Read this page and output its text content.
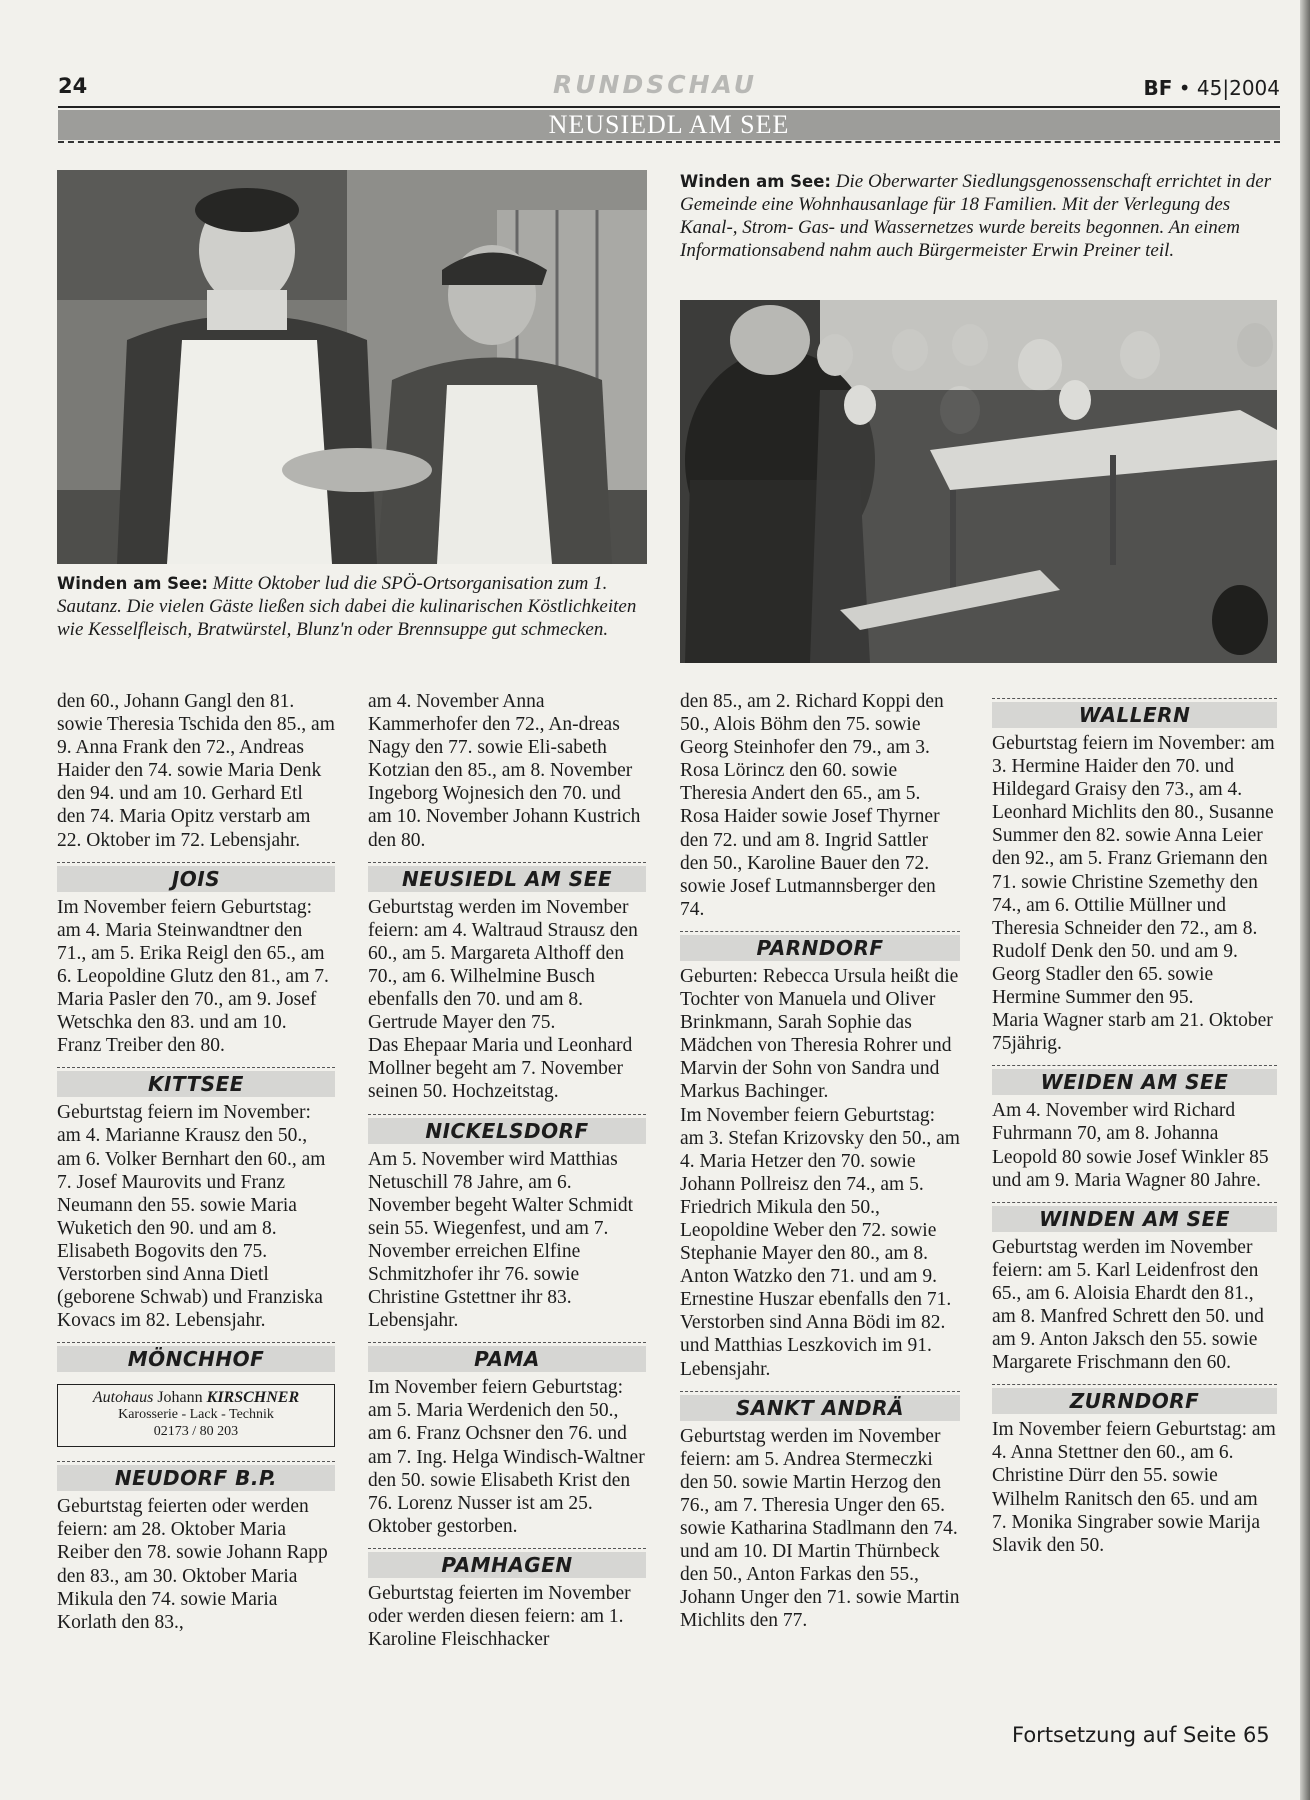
24	RUNDSCHAU	BF • 45|2004
NEUSIEDL AM SEE
Winden am See: Die Oberwarter Siedlungsgenossenschaft errichtet in der Gemeinde eine Wohnhausanlage für 18 Familien. Mit der Verlegung des Kanal-, Strom- Gas- und Wassernetzes wurde bereits begonnen. An einem Informationsabend nahm auch Bürgermeister Erwin Preiner teil.
Winden am See: Mitte Oktober lud die SPÖ-Ortsorganisation zum 1. Sautanz. Die vielen Gäste ließen sich dabei die kulinarischen Köstlichkeiten wie Kesselfleisch, Bratwürstel, Blunz'n oder Brennsuppe gut schmecken.

den 60., Johann Gangl den 81. sowie Theresia Tschida den 85., am 9. Anna Frank den 72., Andreas Haider den 74. sowie Maria Denk den 94. und am 10. Gerhard Etl den 74. Maria Opitz verstarb am 22. Oktober im 72. Lebensjahr.

JOIS

Im November feiern Geburtstag: am 4. Maria Steinwandtner den 71., am 5. Erika Reigl den 65., am 6. Leopoldine Glutz den 81., am 7. Maria Pasler den 70., am 9. Josef Wetschka den 83. und am 10. Franz Treiber den 80.

KITTSEE

Geburtstag feiern im November: am 4. Marianne Krausz den 50., am 6. Volker Bernhart den 60., am 7. Josef Maurovits und Franz Neumann den 55. sowie Maria Wuketich den 90. und am 8. Elisabeth Bogovits den 75.

Verstorben sind Anna Dietl (geborene Schwab) und Franziska Kovacs im 82. Lebensjahr.

MÖNCHHOF
Autohaus Johann KIRSCHNER
Karosserie - Lack - Technik
02173 / 80 203
NEUDORF B.P.

Geburtstag feierten oder werden feiern: am 28. Oktober Maria Reiber den 78. sowie Johann Rapp den 83., am 30. Oktober Maria Mikula den 74. sowie Maria Korlath den 83.,

am 4. November Anna Kammerhofer den 72., An-dreas Nagy den 77. sowie Eli-sabeth Kotzian den 85., am 8. November Ingeborg Wojnesich den 70. und am 10. November Johann Kustrich den 80.

NEUSIEDL AM SEE

Geburtstag werden im November feiern: am 4. Waltraud Strausz den 60., am 5. Margareta Althoff den 70., am 6. Wilhelmine Busch ebenfalls den 70. und am 8. Gertrude Mayer den 75.

Das Ehepaar Maria und Leonhard Mollner begeht am 7. November seinen 50. Hochzeitstag.

NICKELSDORF

Am 5. November wird Matthias Netuschill 78 Jahre, am 6. November begeht Walter Schmidt sein 55. Wiegenfest, und am 7. November erreichen Elfine Schmitzhofer ihr 76. sowie Christine Gstettner ihr 83. Lebensjahr.

PAMA

Im November feiern Geburtstag: am 5. Maria Werdenich den 50., am 6. Franz Ochsner den 76. und am 7. Ing. Helga Windisch-Waltner den 50. sowie Elisabeth Krist den 76. Lorenz Nusser ist am 25. Oktober gestorben.

PAMHAGEN

Geburtstag feierten im November oder werden diesen feiern: am 1. Karoline Fleischhacker

den 85., am 2. Richard Koppi den 50., Alois Böhm den 75. sowie Georg Steinhofer den 79., am 3. Rosa Lörincz den 60. sowie Theresia Andert den 65., am 5. Rosa Haider sowie Josef Thyrner den 72. und am 8. Ingrid Sattler den 50., Karoline Bauer den 72. sowie Josef Lutmannsberger den 74.

PARNDORF

Geburten: Rebecca Ursula heißt die Tochter von Manuela und Oliver Brinkmann, Sarah Sophie das Mädchen von Theresia Rohrer und Marvin der Sohn von Sandra und Markus Bachinger.

Im November feiern Geburtstag: am 3. Stefan Krizovsky den 50., am 4. Maria Hetzer den 70. sowie Johann Pollreisz den 74., am 5. Friedrich Mikula den 50., Leopoldine Weber den 72. sowie Stephanie Mayer den 80., am 8. Anton Watzko den 71. und am 9. Ernestine Huszar ebenfalls den 71.

Verstorben sind Anna Bödi im 82. und Matthias Leszkovich im 91. Lebensjahr.

SANKT ANDRÄ

Geburtstag werden im November feiern: am 5. Andrea Stermeczki den 50. sowie Martin Herzog den 76., am 7. Theresia Unger den 65. sowie Katharina Stadlmann den 74. und am 10. DI Martin Thürnbeck den 50., Anton Farkas den 55., Johann Unger den 71. sowie Martin Michlits den 77.

WALLERN

Geburtstag feiern im November: am 3. Hermine Haider den 70. und Hildegard Graisy den 73., am 4. Leonhard Michlits den 80., Susanne Summer den 82. sowie Anna Leier den 92., am 5. Franz Griemann den 71. sowie Christine Szemethy den 74., am 6. Ottilie Müllner und Theresia Schneider den 72., am 8. Rudolf Denk den 50. und am 9. Georg Stadler den 65. sowie Hermine Summer den 95.

Maria Wagner starb am 21. Oktober 75jährig.

WEIDEN AM SEE

Am 4. November wird Richard Fuhrmann 70, am 8. Johanna Leopold 80 sowie Josef Winkler 85 und am 9. Maria Wagner 80 Jahre.

WINDEN AM SEE

Geburtstag werden im November feiern: am 5. Karl Leidenfrost den 65., am 6. Aloisia Ehardt den 81., am 8. Manfred Schrett den 50. und am 9. Anton Jaksch den 55. sowie Margarete Frischmann den 60.

ZURNDORF

Im November feiern Geburtstag: am 4. Anna Stettner den 60., am 6. Christine Dürr den 55. sowie Wilhelm Ranitsch den 65. und am 7. Monika Singraber sowie Marija Slavik den 50.

Fortsetzung auf Seite 65
